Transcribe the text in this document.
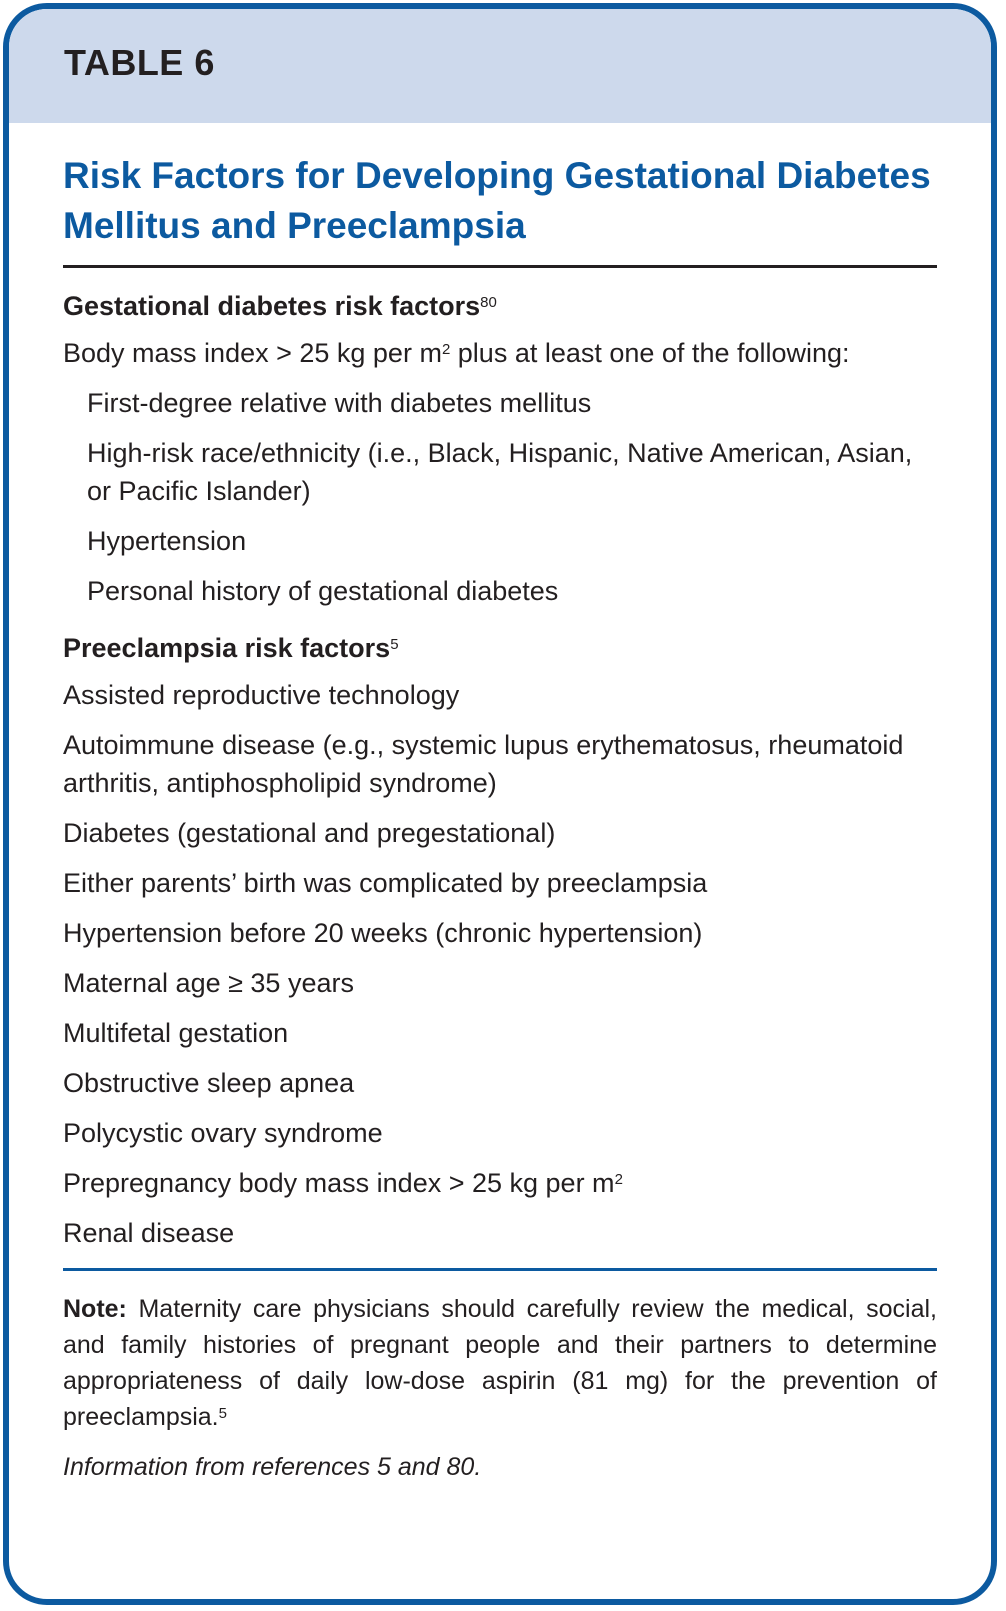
TABLE 6
Risk Factors for Developing Gestational Diabetes Mellitus and Preeclampsia
Gestational diabetes risk factors$^{80}$
Body mass index > 25 kg per $m^2$ plus at least one of the following:
First-degree relative with diabetes mellitus
High-risk race/ethnicity (i.e., Black, Hispanic, Native American, Asian, or Pacific Islander)
Hypertension
Personal history of gestational diabetes
Preeclampsia risk factors$^5$
Assisted reproductive technology
Autoimmune disease (e.g., systemic lupus erythematosus, rheumatoid arthritis, antiphospholipid syndrome)
Diabetes (gestational and pregestational)
Either parents’ birth was complicated by preeclampsia
Hypertension before 20 weeks (chronic hypertension)
Maternal age ≥ 35 years
Multifetal gestation
Obstructive sleep apnea
Polycystic ovary syndrome
Prepregnancy body mass index > 25 kg per $m^2$
Renal disease
Note: Maternity care physicians should carefully review the medical, social, and family histories of pregnant people and their partners to determine appropriateness of daily low-dose aspirin (81 mg) for the prevention of preeclampsia.$^5$
Information from references 5 and 80.
